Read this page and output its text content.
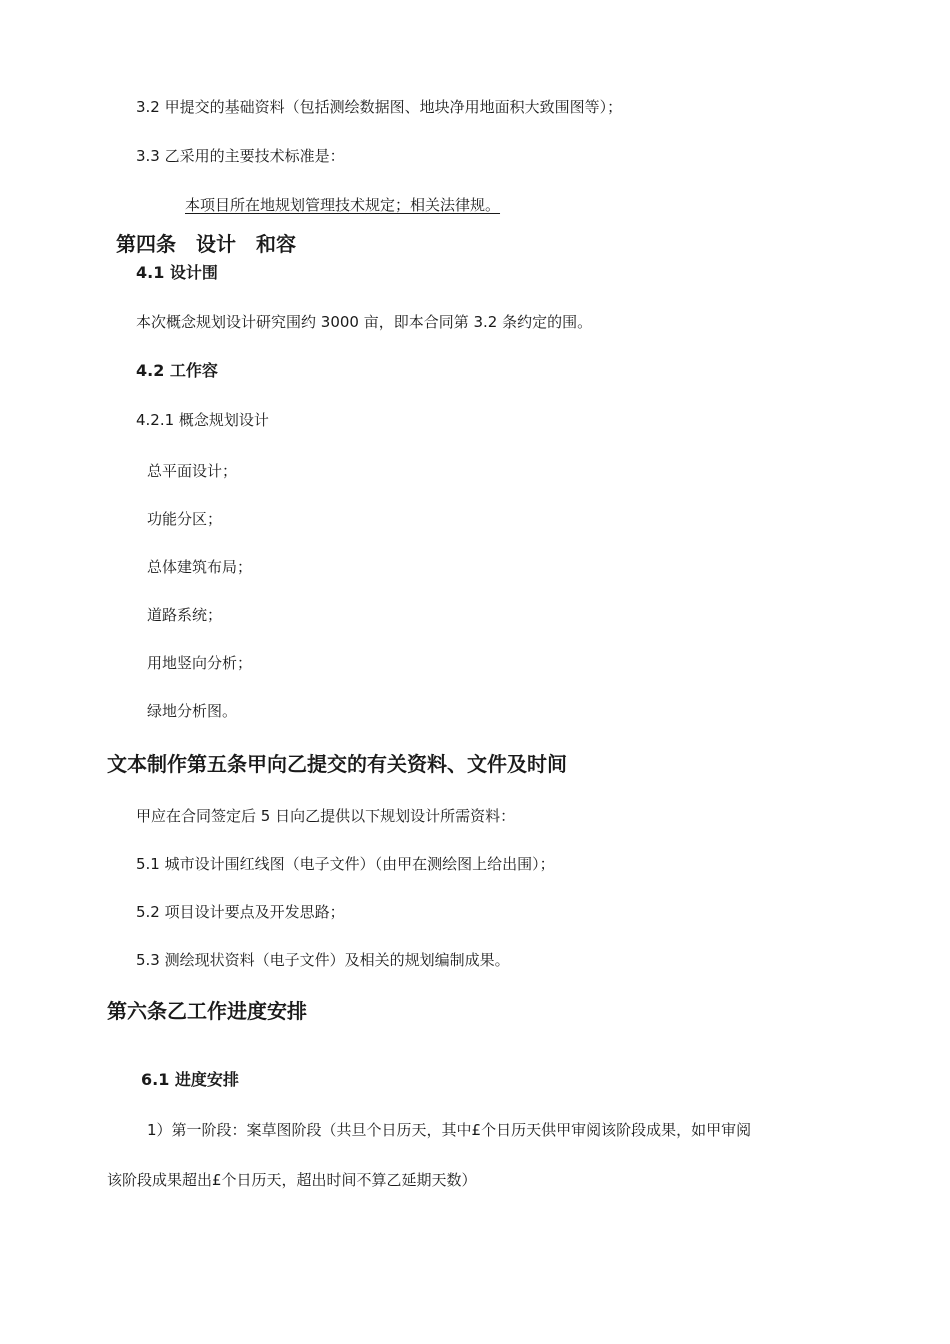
3.2 甲提交的基础资料（包括测绘数据图、地块净用地面积大致围图等）；
3.3 乙采用的主要技术标准是：
本项目所在地规划管理技术规定；相关法律规。
第四条　设计　和容
4.1 设计围
本次概念规划设计研究围约 3000 亩，即本合同第 3.2 条约定的围。
4.2 工作容
4.2.1 概念规划设计
总平面设计；
功能分区；
总体建筑布局；
道路系统；
用地竖向分析；
绿地分析图。
文本制作第五条甲向乙提交的有关资料、文件及时间
甲应在合同签定后 5 日向乙提供以下规划设计所需资料：
5.1 城市设计围红线图（电子文件）（由甲在测绘图上给出围）；
5.2 项目设计要点及开发思路；
5.3 测绘现状资料（电子文件）及相关的规划编制成果。
第六条乙工作进度安排
6.1 进度安排
1）第一阶段：案草图阶段（共旦个日历天，其中£个日历天供甲审阅该阶段成果，如甲审阅
该阶段成果超出£个日历天，超出时间不算乙延期天数）
